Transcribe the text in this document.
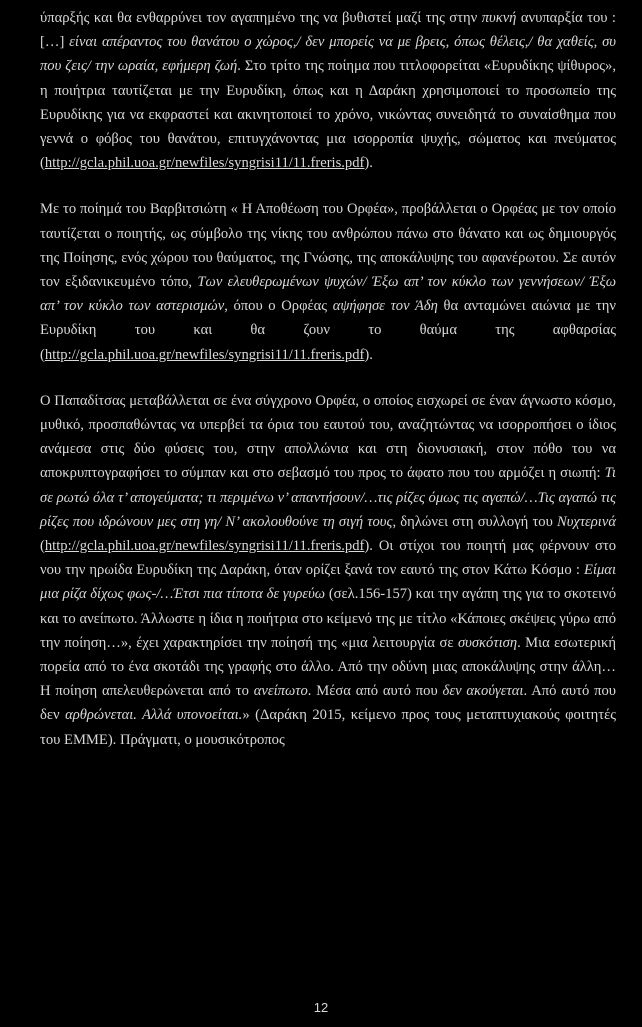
ύπαρξής και θα ενθαρρύνει τον αγαπημένο της να βυθιστεί μαζί της στην πυκνή ανυπαρξία του : […] είναι απέραντος του θανάτου ο χώρος,/ δεν μπορείς να με βρεις, όπως θέλεις,/ θα χαθείς, συ που ζεις/ την ωραία, εφήμερη ζωή. Στο τρίτο της ποίημα που τιτλοφορείται «Ευρυδίκης ψίθυρος», η ποιήτρια ταυτίζεται με την Ευρυδίκη, όπως και η Δαράκη χρησιμοποιεί το προσωπείο της Ευρυδίκης για να εκφραστεί και ακινητοποιεί το χρόνο, νικώντας συνειδητά το συναίσθημα που γεννά ο φόβος του θανάτου, επιτυγχάνοντας μια ισορροπία ψυχής, σώματος και πνεύματος (http://gcla.phil.uoa.gr/newfiles/syngrisi11/11.freris.pdf).

Με το ποίημά του Βαρβιτσιώτη « Η Αποθέωση του Ορφέα», προβάλλεται ο Ορφέας με τον οποίο ταυτίζεται ο ποιητής, ως σύμβολο της νίκης του ανθρώπου πάνω στο θάνατο και ως δημιουργός της Ποίησης, ενός χώρου του θαύματος, της Γνώσης, της αποκάλυψης του αφανέρωτου. Σε αυτόν τον εξιδανικευμένο τόπο, Των ελευθερωμένων ψυχών/ Έξω απ’ τον κύκλο των γεννήσεων/ Έξω απ’ τον κύκλο των αστερισμών, όπου ο Ορφέας αψήφησε τον Άδη θα ανταμώνει αιώνια με την Ευρυδίκη του και θα ζουν το θαύμα της αφθαρσίας (http://gcla.phil.uoa.gr/newfiles/syngrisi11/11.freris.pdf).

Ο Παπαδίτσας μεταβάλλεται σε ένα σύγχρονο Ορφέα, ο οποίος εισχωρεί σε έναν άγνωστο κόσμο, μυθικό, προσπαθώντας να υπερβεί τα όρια του εαυτού του, αναζητώντας να ισορροπήσει ο ίδιος ανάμεσα στις δύο φύσεις του, στην απολλώνια και στη διονυσιακή, στον πόθο του να αποκρυπτογραφήσει το σύμπαν και στο σεβασμό του προς το άφατο που του αρμόζει η σιωπή: Τι σε ρωτώ όλα τ’ απογεύματα; τι περιμένω ν’ απαντήσουν/…τις ρίζες όμως τις αγαπώ/…Τις αγαπώ τις ρίζες που ιδρώνουν μες στη γη/ Ν’ ακολουθούνε τη σιγή τους, δηλώνει στη συλλογή του Νυχτερινά (http://gcla.phil.uoa.gr/newfiles/syngrisi11/11.freris.pdf). Οι στίχοι του ποιητή μας φέρνουν στο νου την ηρωίδα Ευρυδίκη της Δαράκη, όταν ορίζει ξανά τον εαυτό της στον Κάτω Κόσμο : Είμαι μια ρίζα δίχως φως-/…Έτσι πια τίποτα δε γυρεύω (σελ.156-157) και την αγάπη της για το σκοτεινό και το ανείπωτο. Άλλωστε η ίδια η ποιήτρια στο κείμενό της με τίτλο «Κάποιες σκέψεις γύρω από την ποίηση…», έχει χαρακτηρίσει την ποίησή της «μια λειτουργία σε συσκότιση. Μια εσωτερική πορεία από το ένα σκοτάδι της γραφής στο άλλο. Από την οδύνη μιας αποκάλυψης στην άλλη… Η ποίηση απελευθερώνεται από το ανείπωτο. Μέσα από αυτό που δεν ακούγεται. Από αυτό που δεν αρθρώνεται. Αλλά υπονοείται.» (Δαράκη 2015, κείμενο προς τους μεταπτυχιακούς φοιτητές του ΕΜΜΕ). Πράγματι, ο μουσικότροπος

12
